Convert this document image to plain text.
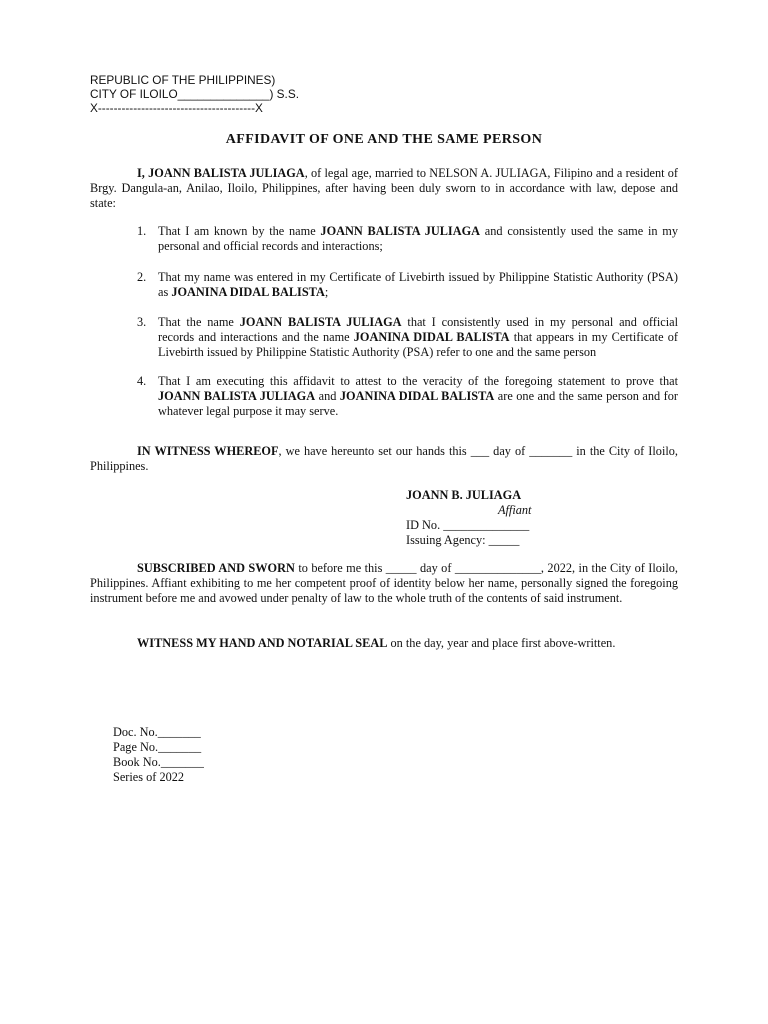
REPUBLIC OF THE PHILIPPINES)
CITY OF ILOILO______________) S.S.
X----------------------------------------X
AFFIDAVIT OF ONE AND THE SAME PERSON
I, JOANN BALISTA JULIAGA, of legal age, married to NELSON A. JULIAGA, Filipino and a resident of Brgy. Dangula-an, Anilao, Iloilo, Philippines, after having been duly sworn to in accordance with law, depose and state:
1. That I am known by the name JOANN BALISTA JULIAGA and consistently used the same in my personal and official records and interactions;
2. That my name was entered in my Certificate of Livebirth issued by Philippine Statistic Authority (PSA) as JOANINA DIDAL BALISTA;
3. That the name JOANN BALISTA JULIAGA that I consistently used in my personal and official records and interactions and the name JOANINA DIDAL BALISTA that appears in my Certificate of Livebirth issued by Philippine Statistic Authority (PSA) refer to one and the same person
4. That I am executing this affidavit to attest to the veracity of the foregoing statement to prove that JOANN BALISTA JULIAGA and JOANINA DIDAL BALISTA are one and the same person and for whatever legal purpose it may serve.
IN WITNESS WHEREOF, we have hereunto set our hands this ___ day of _______ in the City of Iloilo, Philippines.
JOANN B. JULIAGA
Affiant
ID No. ______________
Issuing Agency: _____
SUBSCRIBED AND SWORN to before me this _____ day of ______________, 2022, in the City of Iloilo, Philippines. Affiant exhibiting to me her competent proof of identity below her name, personally signed the foregoing instrument before me and avowed under penalty of law to the whole truth of the contents of said instrument.
WITNESS MY HAND AND NOTARIAL SEAL on the day, year and place first above-written.
Doc. No._______
Page No._______
Book No._______
Series of 2022
